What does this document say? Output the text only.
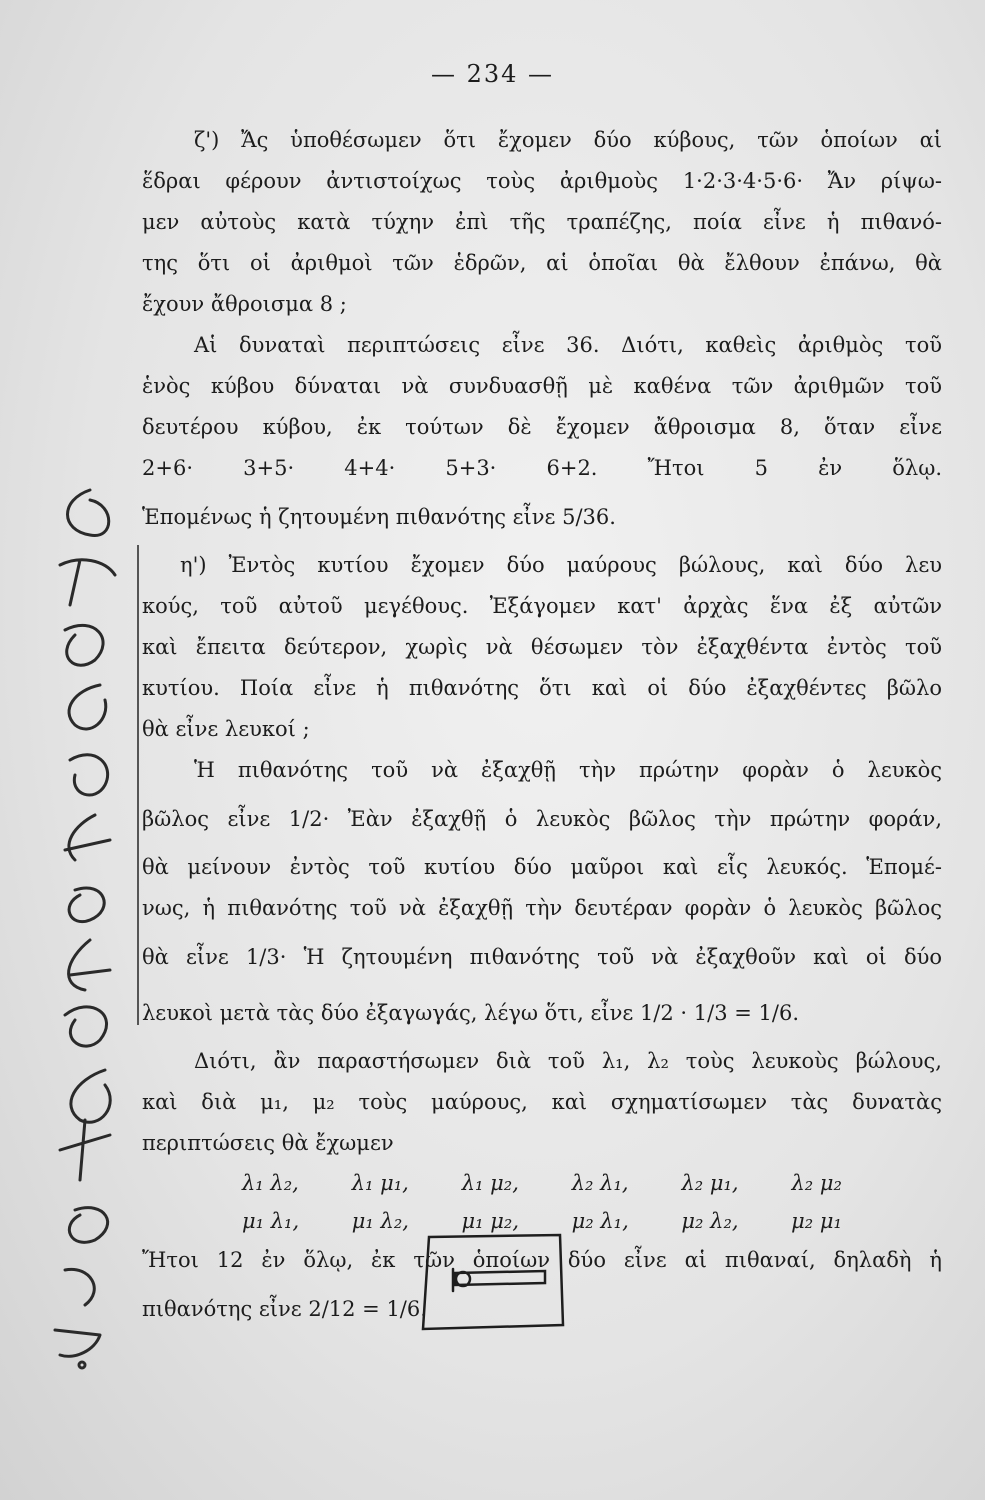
— 234 —
ζ') Ἄς ὑποθέσωμεν ὅτι ἔχομεν δύο κύβους, τῶν ὁποίων αἱ
ἕδραι φέρουν ἀντιστοίχως τοὺς ἀριθμοὺς 1·2·3·4·5·6· Ἄν ρίψω-
μεν αὐτοὺς κατὰ τύχην ἐπὶ τῆς τραπέζης, ποία εἶνε ἡ πιθανό-
της ὅτι οἱ ἀριθμοὶ τῶν ἑδρῶν, αἱ ὁποῖαι θὰ ἔλθουν ἐπάνω, θὰ
ἔχουν ἄθροισμα 8 ;
Αἱ δυναταὶ περιπτώσεις εἶνε 36. Διότι, καθεὶς ἀριθμὸς τοῦ
ἑνὸς κύβου δύναται νὰ συνδυασθῇ μὲ καθένα τῶν ἀριθμῶν τοῦ
δευτέρου κύβου, ἐκ τούτων δὲ ἔχομεν ἄθροισμα 8, ὅταν εἶνε
2+6· 3+5· 4+4· 5+3· 6+2. Ἤτοι 5 ἐν ὅλῳ.
Ἑπομένως ἡ ζητουμένη πιθανότης εἶνε 5/36.
η') Ἐντὸς κυτίου ἔχομεν δύο μαύρους βώλους, καὶ δύο λευ
κούς, τοῦ αὐτοῦ μεγέθους. Ἐξάγομεν κατ' ἀρχὰς ἕνα ἐξ αὐτῶν
καὶ ἔπειτα δεύτερον, χωρὶς νὰ θέσωμεν τὸν ἐξαχθέντα ἐντὸς τοῦ
κυτίου. Ποία εἶνε ἡ πιθανότης ὅτι καὶ οἱ δύο ἐξαχθέντες βῶλο
θὰ εἶνε λευκοί ;
Ἡ πιθανότης τοῦ νὰ ἐξαχθῇ τὴν πρώτην φορὰν ὁ λευκὸς
βῶλος εἶνε 1/2· Ἐὰν ἐξαχθῇ ὁ λευκὸς βῶλος τὴν πρώτην φοράν,
θὰ μείνουν ἐντὸς τοῦ κυτίου δύο μαῦροι καὶ εἷς λευκός. Ἑπομέ-
νως, ἡ πιθανότης τοῦ νὰ ἐξαχθῇ τὴν δευτέραν φορὰν ὁ λευκὸς βῶλος
θὰ εἶνε 1/3· Ἡ ζητουμένη πιθανότης τοῦ νὰ ἐξαχθοῦν καὶ οἱ δύο
λευκοὶ μετὰ τὰς δύο ἐξαγωγάς, λέγω ὅτι, εἶνε 1/2 · 1/3 = 1/6.
Διότι, ἂν παραστήσωμεν διὰ τοῦ λ₁, λ₂ τοὺς λευκοὺς βώλους,
καὶ διὰ μ₁, μ₂ τοὺς μαύρους, καὶ σχηματίσωμεν τὰς δυνατὰς
περιπτώσεις θὰ ἔχωμεν
λ₁ λ₂,	λ₁ μ₁,	λ₁ μ₂,	λ₂ λ₁,	λ₂ μ₁,	λ₂ μ₂
μ₁ λ₁,	μ₁ λ₂,	μ₁ μ₂,	μ₂ λ₁,	μ₂ λ₂,	μ₂ μ₁
Ἤτοι 12 ἐν ὅλῳ, ἐκ τῶν ὁποίων δύο εἶνε αἱ πιθαναί, δηλαδὴ ἡ
πιθανότης εἶνε 2/12 = 1/6.
